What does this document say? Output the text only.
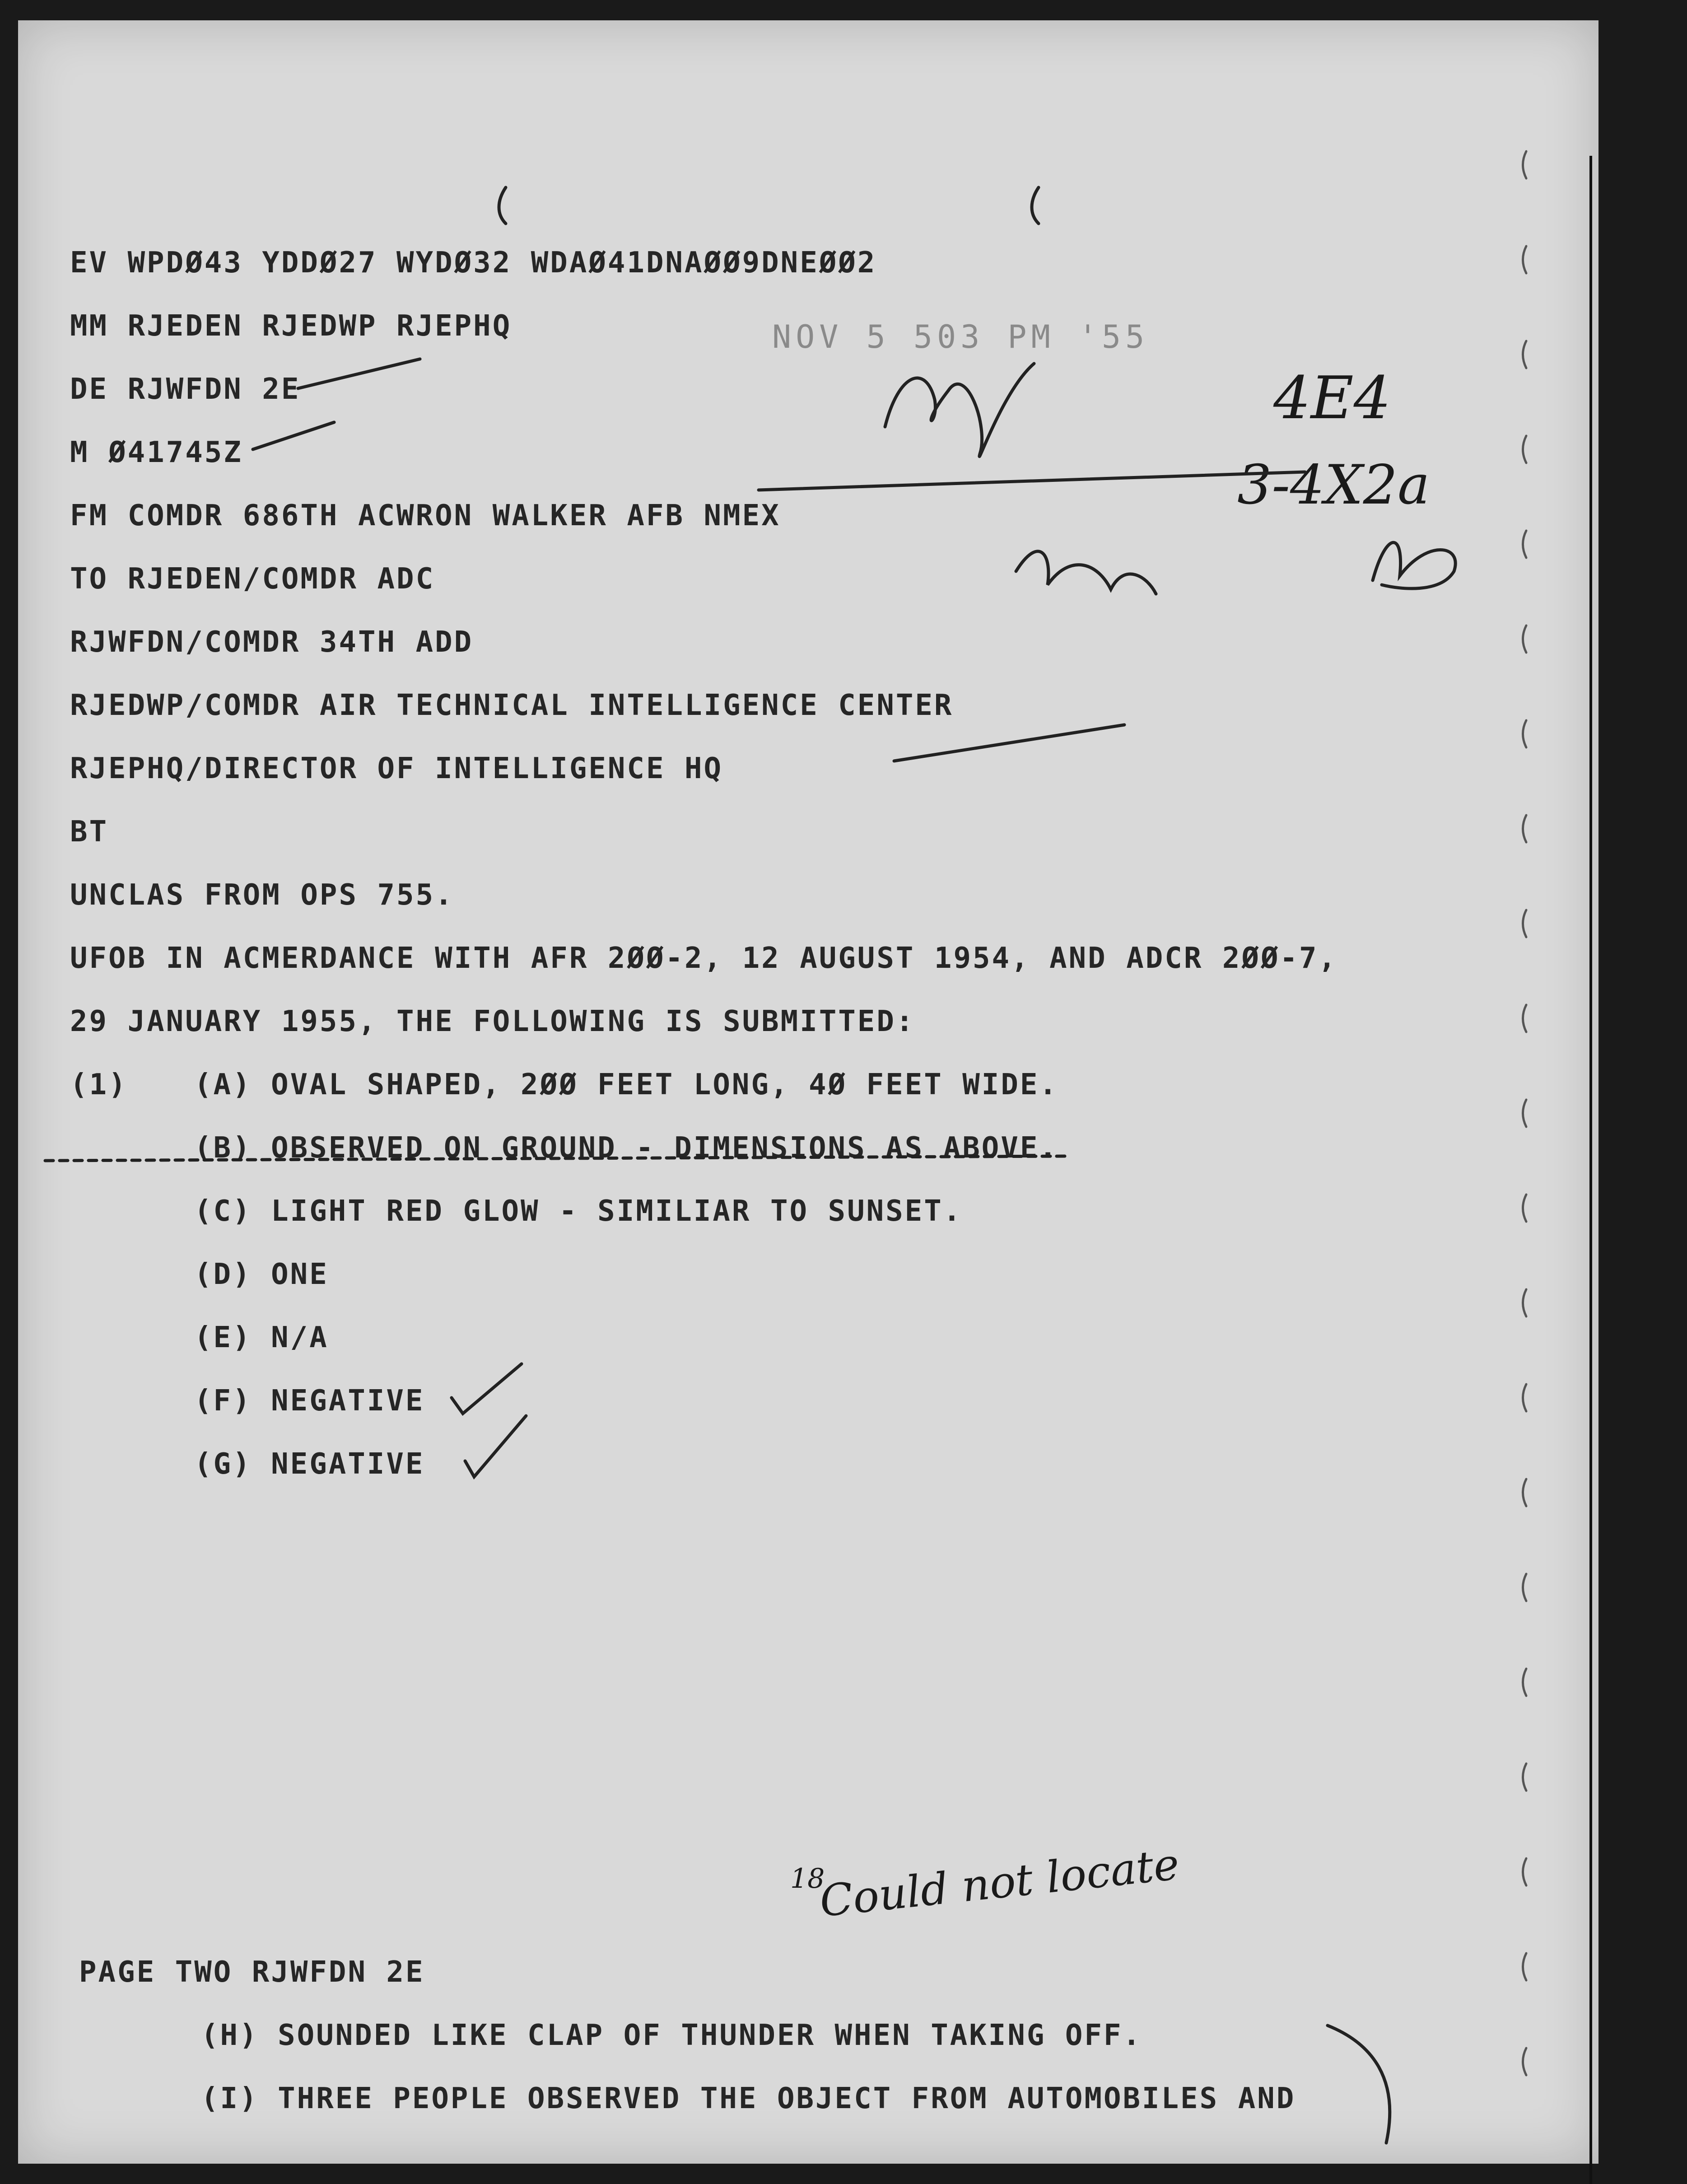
EV WPDØ43 YDDØ27 WYDØ32 WDAØ41DNAØØ9DNEØØ2
MM RJEDEN RJEDWP RJEPHQ
DE RJWFDN 2E
M Ø41745Z
FM COMDR 686TH ACWRON WALKER AFB NMEX
TO RJEDEN/COMDR ADC
RJWFDN/COMDR 34TH ADD
RJEDWP/COMDR AIR TECHNICAL INTELLIGENCE CENTER
RJEPHQ/DIRECTOR OF INTELLIGENCE HQ
BT
UNCLAS FROM OPS 755.
UFOB IN ACMERDANCE WITH AFR 2ØØ-2, 12 AUGUST 1954, AND ADCR 2ØØ-7,
29 JANUARY 1955, THE FOLLOWING IS SUBMITTED:
(1) (A) OVAL SHAPED, 2ØØ FEET LONG, 4Ø FEET WIDE.
(B) OBSERVED ON GROUND - DIMENSIONS AS ABOVE.
(C) LIGHT RED GLOW - SIMILIAR TO SUNSET.
(D) ONE
(E) N/A
(F) NEGATIVE
(G) NEGATIVE
PAGE TWO RJWFDN 2E
(H) SOUNDED LIKE CLAP OF THUNDER WHEN TAKING OFF.
(I) THREE PEOPLE OBSERVED THE OBJECT FROM AUTOMOBILES AND
NOV 5 503 PM '55
4E4
3-4X2a
18
Could not locate
